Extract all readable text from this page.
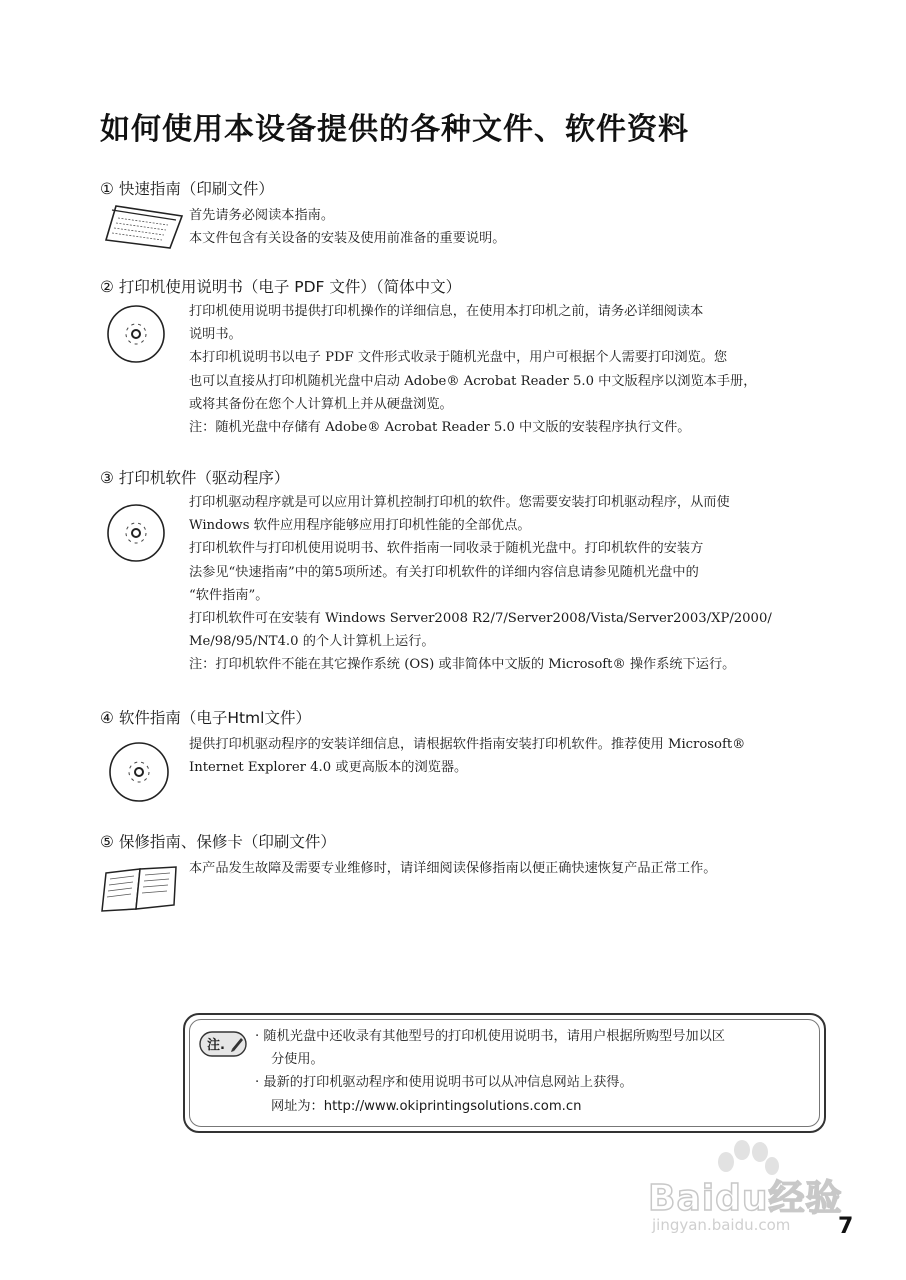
如何使用本设备提供的各种文件、软件资料
① 快速指南（印刷文件）

首先请务必阅读本指南。

本文件包含有关设备的安装及使用前准备的重要说明。

② 打印机使用说明书（电子 PDF 文件）（简体中文）

打印机使用说明书提供打印机操作的详细信息，在使用本打印机之前，请务必详细阅读本

说明书。

本打印机说明书以电子 PDF 文件形式收录于随机光盘中，用户可根据个人需要打印浏览。您

也可以直接从打印机随机光盘中启动 Adobe® Acrobat Reader 5.0 中文版程序以浏览本手册，

或将其备份在您个人计算机上并从硬盘浏览。

注：随机光盘中存储有 Adobe® Acrobat Reader 5.0 中文版的安装程序执行文件。

③ 打印机软件（驱动程序）

打印机驱动程序就是可以应用计算机控制打印机的软件。您需要安装打印机驱动程序，从而使

Windows 软件应用程序能够应用打印机性能的全部优点。

打印机软件与打印机使用说明书、软件指南一同收录于随机光盘中。打印机软件的安装方

法参见“快速指南”中的第5项所述。有关打印机软件的详细内容信息请参见随机光盘中的

“软件指南”。

打印机软件可在安装有 Windows Server2008 R2/7/Server2008/Vista/Server2003/XP/2000/

Me/98/95/NT4.0 的个人计算机上运行。

注：打印机软件不能在其它操作系统 (OS) 或非简体中文版的 Microsoft® 操作系统下运行。

④ 软件指南（电子Html文件）

提供打印机驱动程序的安装详细信息，请根据软件指南安装打印机软件。推荐使用 Microsoft®

Internet Explorer 4.0 或更高版本的浏览器。

⑤ 保修指南、保修卡（印刷文件）

本产品发生故障及需要专业维修时，请详细阅读保修指南以便正确快速恢复产品正常工作。

注.

· 随机光盘中还收录有其他型号的打印机使用说明书，请用户根据所购型号加以区

分使用。

· 最新的打印机驱动程序和使用说明书可以从冲信息网站上获得。

网址为：http://www.okiprintingsolutions.com.cn

Baidu经验
jingyan.baidu.com 7
